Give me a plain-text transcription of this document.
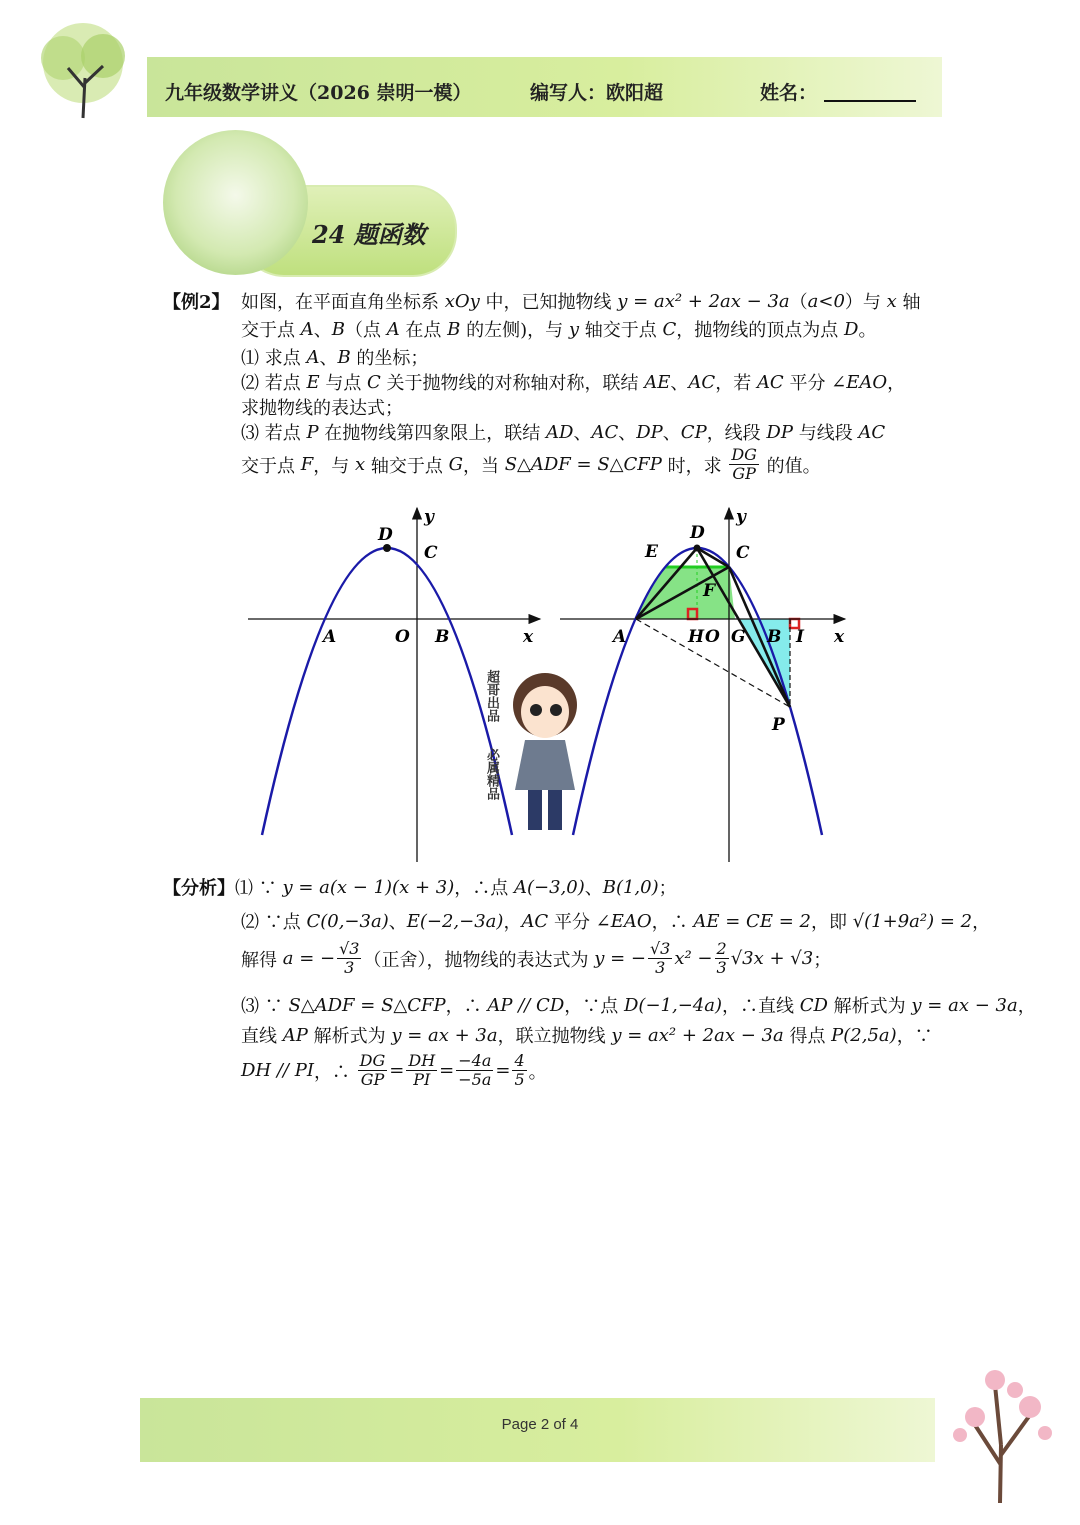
九年级数学讲义（2026 崇明一模）	编写人：欧阳超	姓名：
24 题函数
【例2】 如图，在平面直角坐标系 xOy 中，已知抛物线 y = ax² + 2ax − 3a （ a<0 ）与 x 轴
交于点 A 、 B （点 A 在点 B 的左侧)，与 y 轴交于点 C ，抛物线的顶点为点 D 。
⑴ 求点 A 、 B 的坐标；
⑵ 若点 E 与点 C 关于抛物线的对称轴对称，联结 AE 、 AC ，若 AC 平分 ∠EAO ，
求抛物线的表达式；
⑶ 若点 P 在抛物线第四象限上，联结 AD 、 AC 、 DP 、 CP ，线段 DP 与线段 AC
交于点 F ，与 x 轴交于点 G ，当 S△ADF = S△CFP 时，求 $\frac{DG}{GP}$ 的值。
D
C
y
A	O B	x
D
E	C
y
F
A	H O G B I x
P
超哥出品
必属精品
【分析】 ⑴ ∵ y = a(x − 1)(x + 3) ，∴点 A(−3,0) 、 B(1,0) ；
⑵ ∵点 C(0,−3a) 、 E(−2,−3a) ， AC 平分 ∠EAO ，∴ AE = CE = 2 ，即 √(1+9a²) = 2 ，
解得 a = − $\frac{√3}{3}$ （正舍），抛物线的表达式为 y = − $\frac{√3}{3} x^2 - \frac{2}{3} √3x + √3$ ；
⑶ ∵ S△ADF = S△CFP ，∴ AP // CD ，∵点 D(−1,−4a) ，∴直线 CD 解析式为 y = ax − 3a ，
直线 AP 解析式为 y = ax + 3a ，联立抛物线 y = ax² + 2ax − 3a 得点 P(2,5a) ，∵
DH // PI ，∴ $\frac{DG}{GP} = \frac{DH}{PI} = \frac{-4a}{-5a} = \frac{4}{5}$ 。
Page 2 of 4
